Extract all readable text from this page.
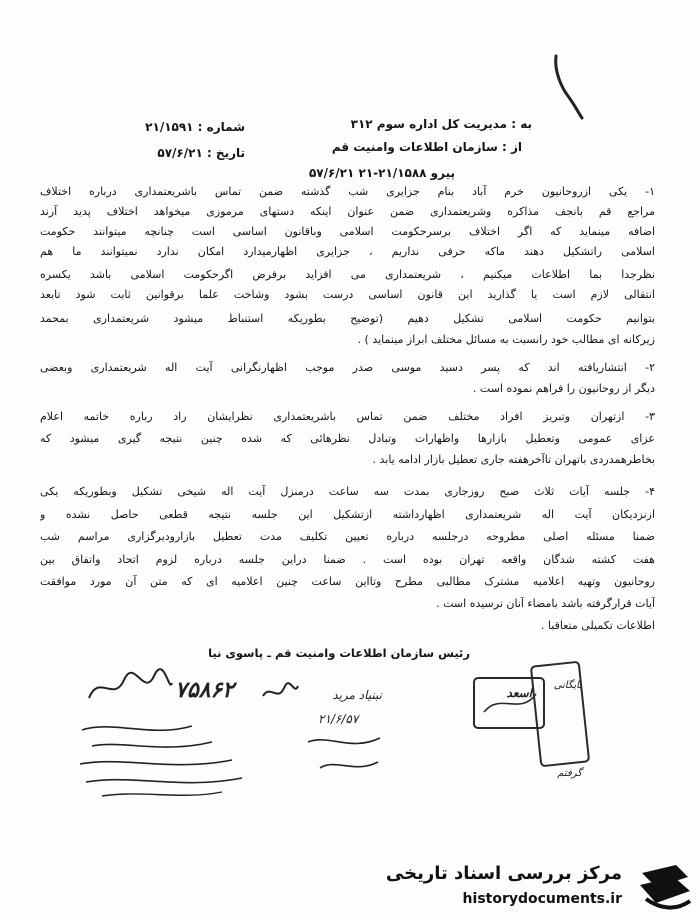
به : مدیریت کل اداره سوم ۳۱۲
از : سازمان اطلاعات وامنیت قم
شماره : ۲۱/۱۵۹۱
تاریخ : ۵۷/۶/۲۱
پیرو ۲۱/۱۵۸۸-۲۱ ۵۷/۶/۲۱
۱- یکی ازروحانیون خرم آباد بنام جزایری شب گذشته ضمن تماس باشریعتمداری درباره اختلاف
مراجع قم بانجف مذاکره وشریعتمداری ضمن عنوان اینکه دستهای مرموزی میخواهد اختلاف پدید آرند
اضافه مینماید که اگر اختلاف برسرحکومت اسلامی وباقانون اساسی است چنانچه میتوانند حکومت
اسلامی راتشکیل دهند ماکه حرفی نداریم ، جزایری اظهارمیدارد امکان ندارد نمیتوانند ما هم
نظرجدا بما اطلاعات میکنیم ، شریعتمداری می افزاید برفرض اگرحکومت اسلامی باشد یکسره
انتقالی لازم است یا گذارید این قانون اساسی درست بشود وشاخت علما برقوانین ثابت شود تابعد
بتوانیم حکومت اسلامی تشکیل دهیم (توضیح بطوریکه استنباط میشود شریعتمداری بمحمد
زیرکانه ای مطالب خود رانسبت به مسائل مختلف ابراز مینماید ) .
۲- انتشاریافته اند که پسر دسید موسی صدر موجب اظهارنگرانی آیت اله شریعتمداری وبعضی
دیگر از روحانیون را فراهم نموده است .
۳- ازتهران وتبریز افراد مختلف ضمن تماس باشریعتمداری نظرایشان راد رباره خاتمه اعلام
عزای عمومی وتعطیل بازارها واظهارات وتبادل نظرهائی که شده چنین نتیجه گیری میشود که
بخاطرهمدردی باتهران تاآخرهفته جاری تعطیل بازار ادامه یابد .
۴- جلسه آیات ثلاث صبح روزجاری بمدت سه ساعت درمنزل آیت اله شیخی تشکیل وبطوریکه یکی
ازنزدیکان آیت اله شریعتمداری اظهارداشته ازتشکیل این جلسه نتیجه قطعی حاصل نشده و
ضمنا مسئله اصلی مطروحه درجلسه درباره تعیین تکلیف مدت تعطیل بازارودیرگزاری مراسم شب
هفت کشته شدگان واقعه تهران بوده است . ضمنا دراین جلسه درباره لزوم اتحاد واتفاق بین
روحانیون وتهیه اعلامیه مشترک مطالبی مطرح وتااین ساعت چنین اعلامیه ای که متن آن مورد موافقت
آیات قرارگرفته باشد بامضاء آنان نرسیده است .
اطلاعات تکمیلی متعاقبا .
رئیس سازمان اطلاعات وامنیت قم ـ پاسوی نیا
۷۵۸۶۲	نبنیاد مرید
۲۱/۶/۵۷
اسعد
بایگانی
گرفتم
مرکز بررسی اسناد تاریخی
historydocuments.ir
